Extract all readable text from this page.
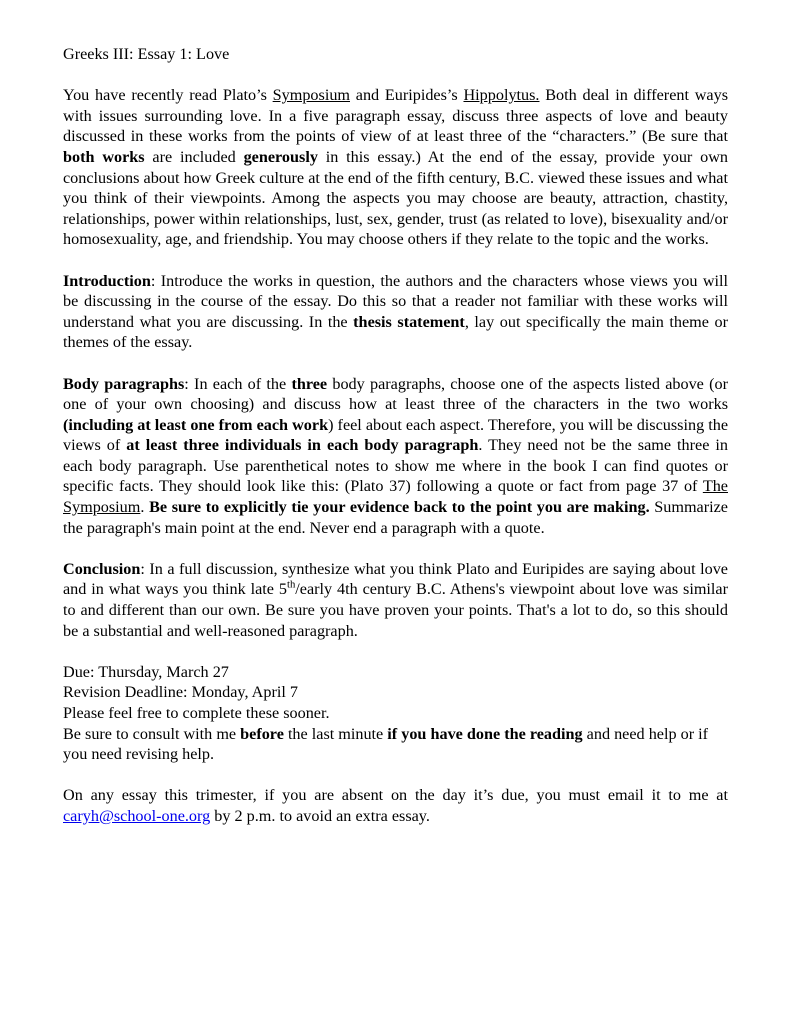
Greeks III: Essay 1: Love

You have recently read Plato’s Symposium and Euripides’s Hippolytus. Both deal in different ways with issues surrounding love. In a five paragraph essay, discuss three aspects of love and beauty discussed in these works from the points of view of at least three of the “characters.” (Be sure that both works are included generously in this essay.) At the end of the essay, provide your own conclusions about how Greek culture at the end of the fifth century, B.C. viewed these issues and what you think of their viewpoints. Among the aspects you may choose are beauty, attraction, chastity, relationships, power within relationships, lust, sex, gender, trust (as related to love), bisexuality and/or homosexuality, age, and friendship. You may choose others if they relate to the topic and the works.

Introduction: Introduce the works in question, the authors and the characters whose views you will be discussing in the course of the essay. Do this so that a reader not familiar with these works will understand what you are discussing. In the thesis statement, lay out specifically the main theme or themes of the essay.

Body paragraphs: In each of the three body paragraphs, choose one of the aspects listed above (or one of your own choosing) and discuss how at least three of the characters in the two works (including at least one from each work) feel about each aspect. Therefore, you will be discussing the views of at least three individuals in each body paragraph. They need not be the same three in each body paragraph. Use parenthetical notes to show me where in the book I can find quotes or specific facts. They should look like this: (Plato 37) following a quote or fact from page 37 of The Symposium. Be sure to explicitly tie your evidence back to the point you are making. Summarize the paragraph's main point at the end. Never end a paragraph with a quote.

Conclusion: In a full discussion, synthesize what you think Plato and Euripides are saying about love and in what ways you think late 5th/early 4th century B.C. Athens's viewpoint about love was similar to and different than our own. Be sure you have proven your points. That's a lot to do, so this should be a substantial and well-reasoned paragraph.

Due: Thursday, March 27

Revision Deadline: Monday, April 7

Please feel free to complete these sooner.

Be sure to consult with me before the last minute if you have done the reading and need help or if you need revising help.

On any essay this trimester, if you are absent on the day it’s due, you must email it to me at caryh@school-one.org by 2 p.m. to avoid an extra essay.
